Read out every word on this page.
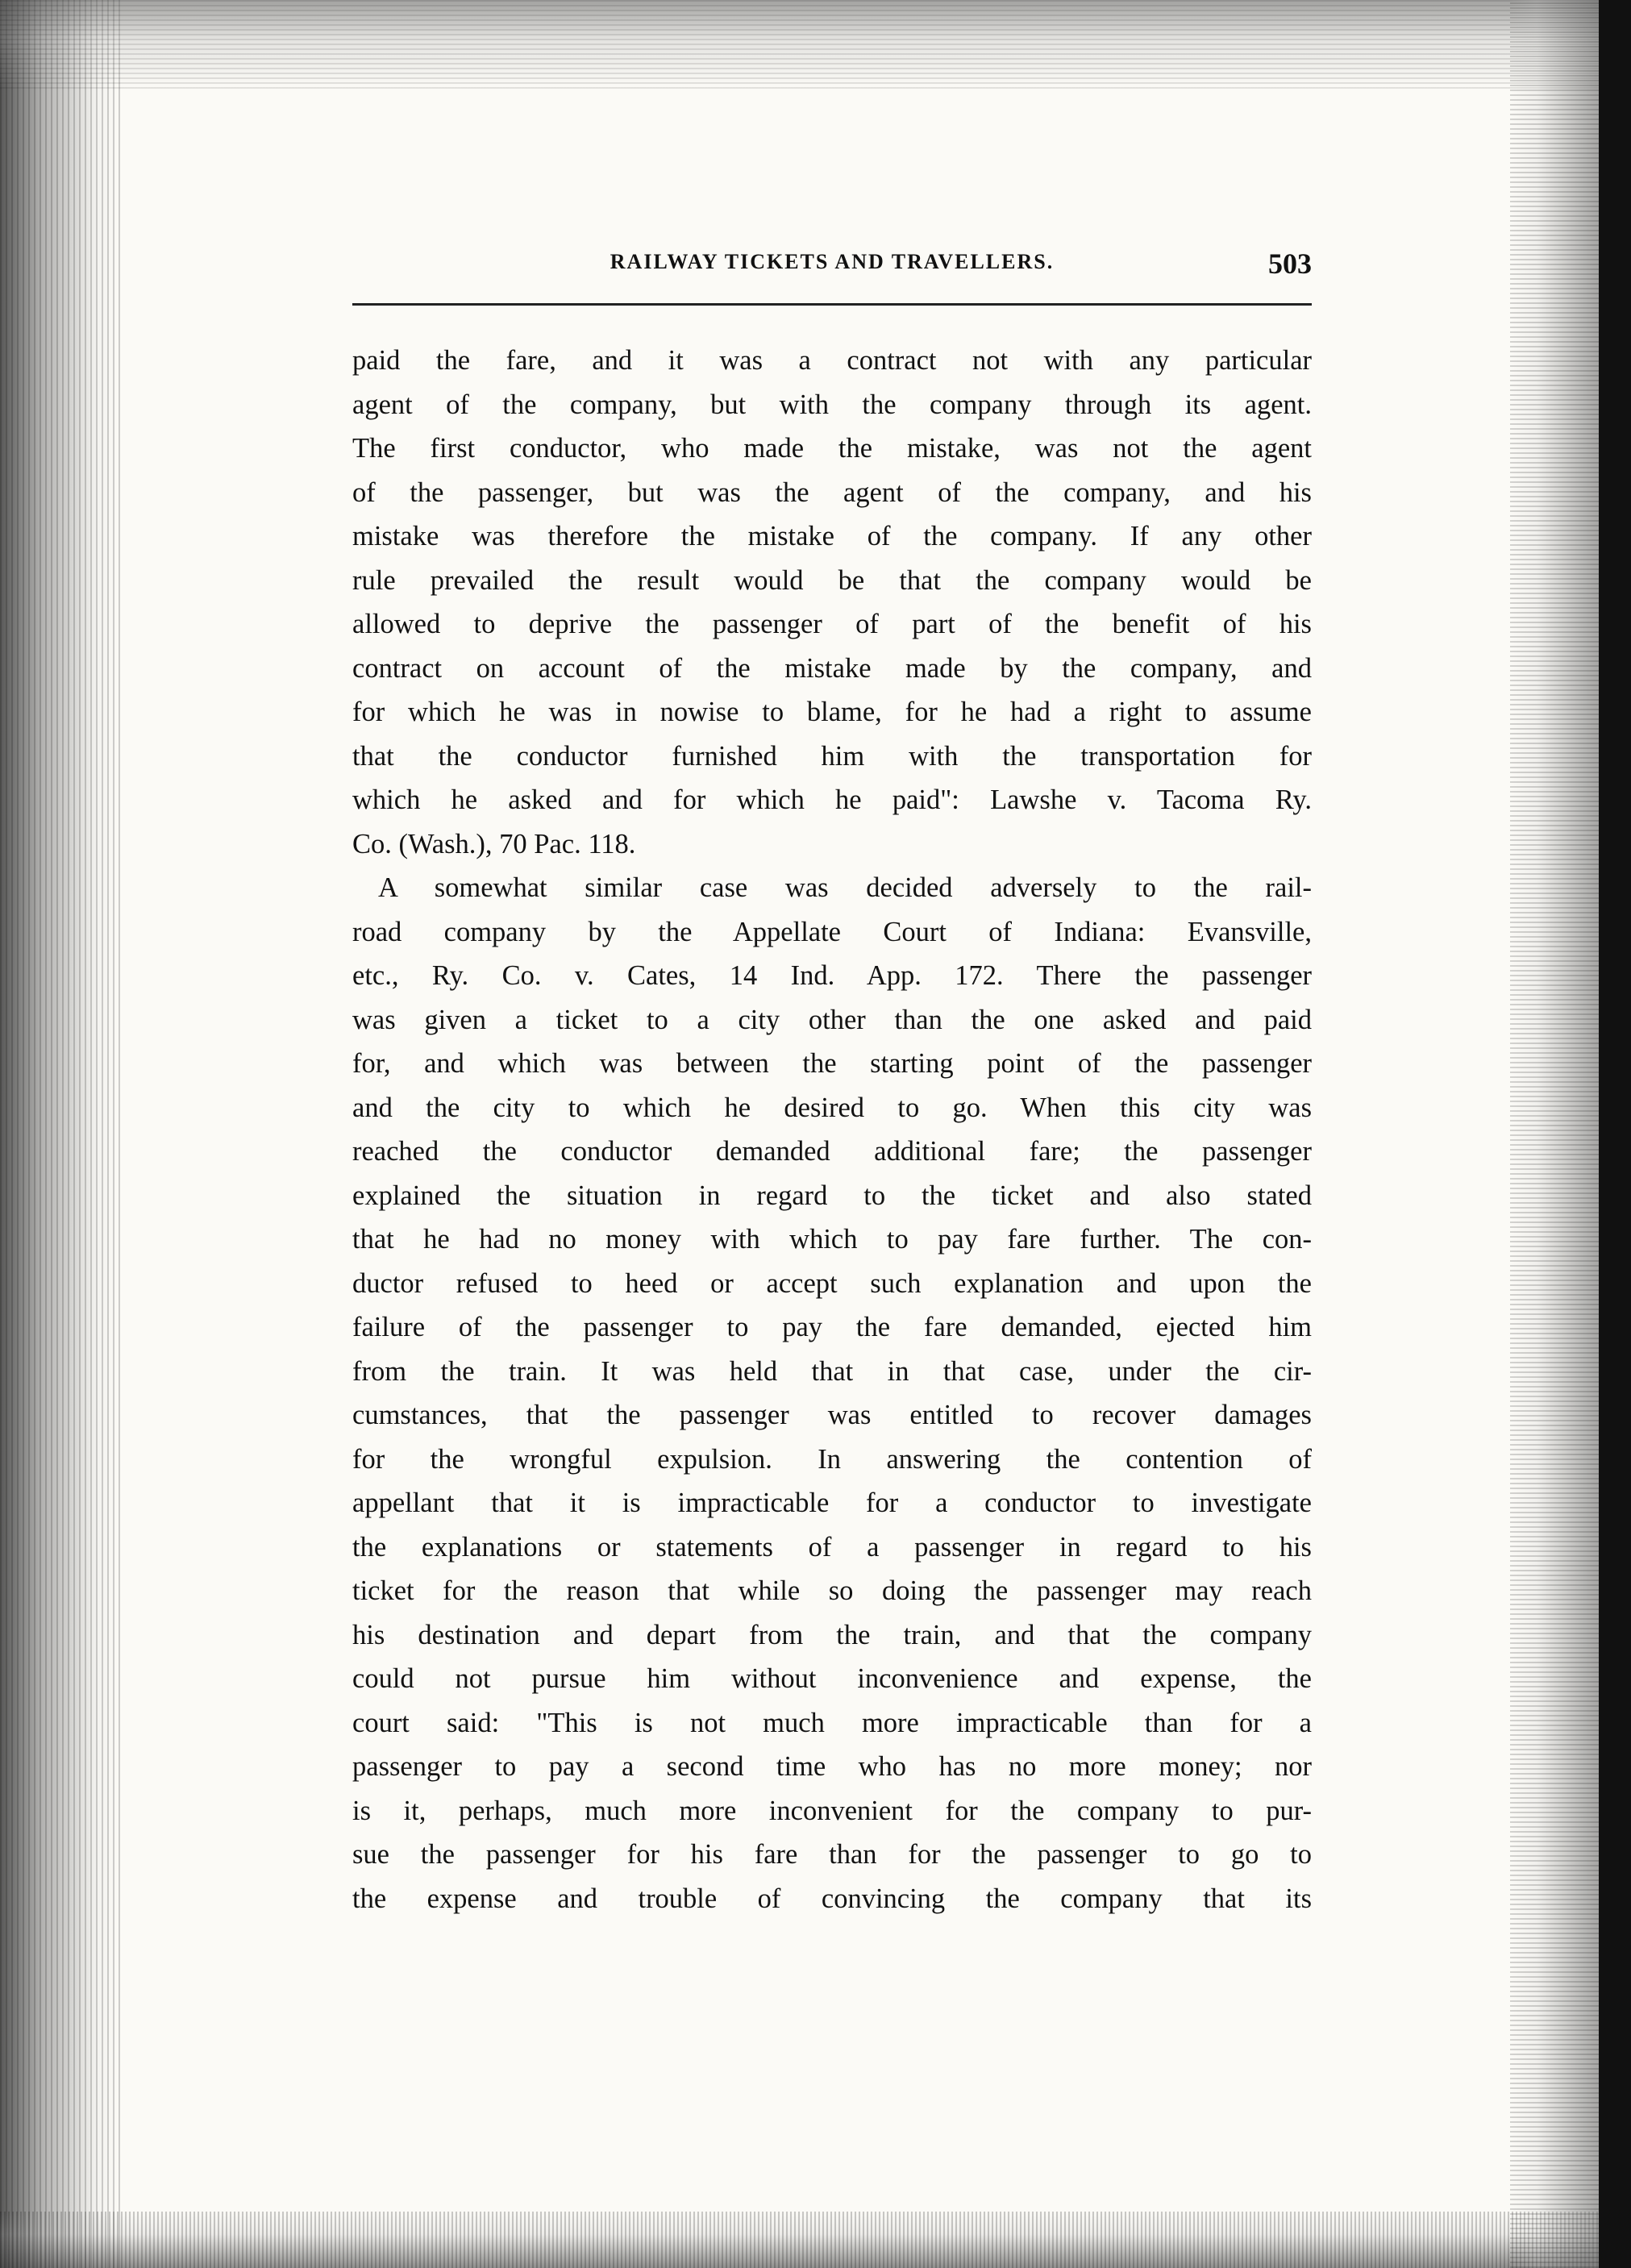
RAILWAY TICKETS AND TRAVELLERS.	503
paid the fare, and it was a contract not with any particular
agent of the company, but with the company through its agent.
The first conductor, who made the mistake, was not the agent
of the passenger, but was the agent of the company, and his
mistake was therefore the mistake of the company. If any other
rule prevailed the result would be that the company would be
allowed to deprive the passenger of part of the benefit of his
contract on account of the mistake made by the company, and
for which he was in nowise to blame, for he had a right to assume
that the conductor furnished him with the transportation for
which he asked and for which he paid": Lawshe v. Tacoma Ry.
Co. (Wash.), 70 Pac. 118.
A somewhat similar case was decided adversely to the rail-
road company by the Appellate Court of Indiana: Evansville,
etc., Ry. Co. v. Cates, 14 Ind. App. 172. There the passenger
was given a ticket to a city other than the one asked and paid
for, and which was between the starting point of the passenger
and the city to which he desired to go. When this city was
reached the conductor demanded additional fare; the passenger
explained the situation in regard to the ticket and also stated
that he had no money with which to pay fare further. The con-
ductor refused to heed or accept such explanation and upon the
failure of the passenger to pay the fare demanded, ejected him
from the train. It was held that in that case, under the cir-
cumstances, that the passenger was entitled to recover damages
for the wrongful expulsion. In answering the contention of
appellant that it is impracticable for a conductor to investigate
the explanations or statements of a passenger in regard to his
ticket for the reason that while so doing the passenger may reach
his destination and depart from the train, and that the company
could not pursue him without inconvenience and expense, the
court said: "This is not much more impracticable than for a
passenger to pay a second time who has no more money; nor
is it, perhaps, much more inconvenient for the company to pur-
sue the passenger for his fare than for the passenger to go to
the expense and trouble of convincing the company that its
